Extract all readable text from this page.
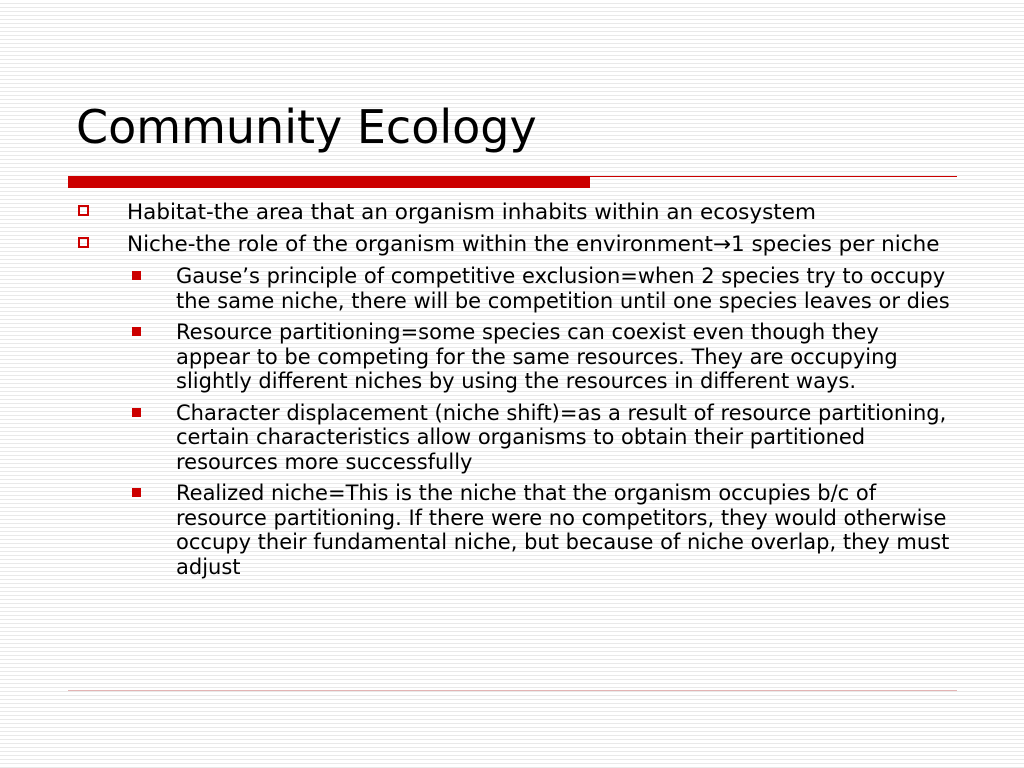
Community Ecology
Habitat-the area that an organism inhabits within an ecosystem
Niche-the role of the organism within the environment→1 species per niche
Gause’s principle of competitive exclusion=when 2 species try to occupy the same niche, there will be competition until one species leaves or dies
Resource partitioning=some species can coexist even though they appear to be competing for the same resources. They are occupying slightly different niches by using the resources in different ways.
Character displacement (niche shift)=as a result of resource partitioning, certain characteristics allow organisms to obtain their partitioned resources more successfully
Realized niche=This is the niche that the organism occupies b/c of resource partitioning. If there were no competitors, they would otherwise occupy their fundamental niche, but because of niche overlap, they must adjust
